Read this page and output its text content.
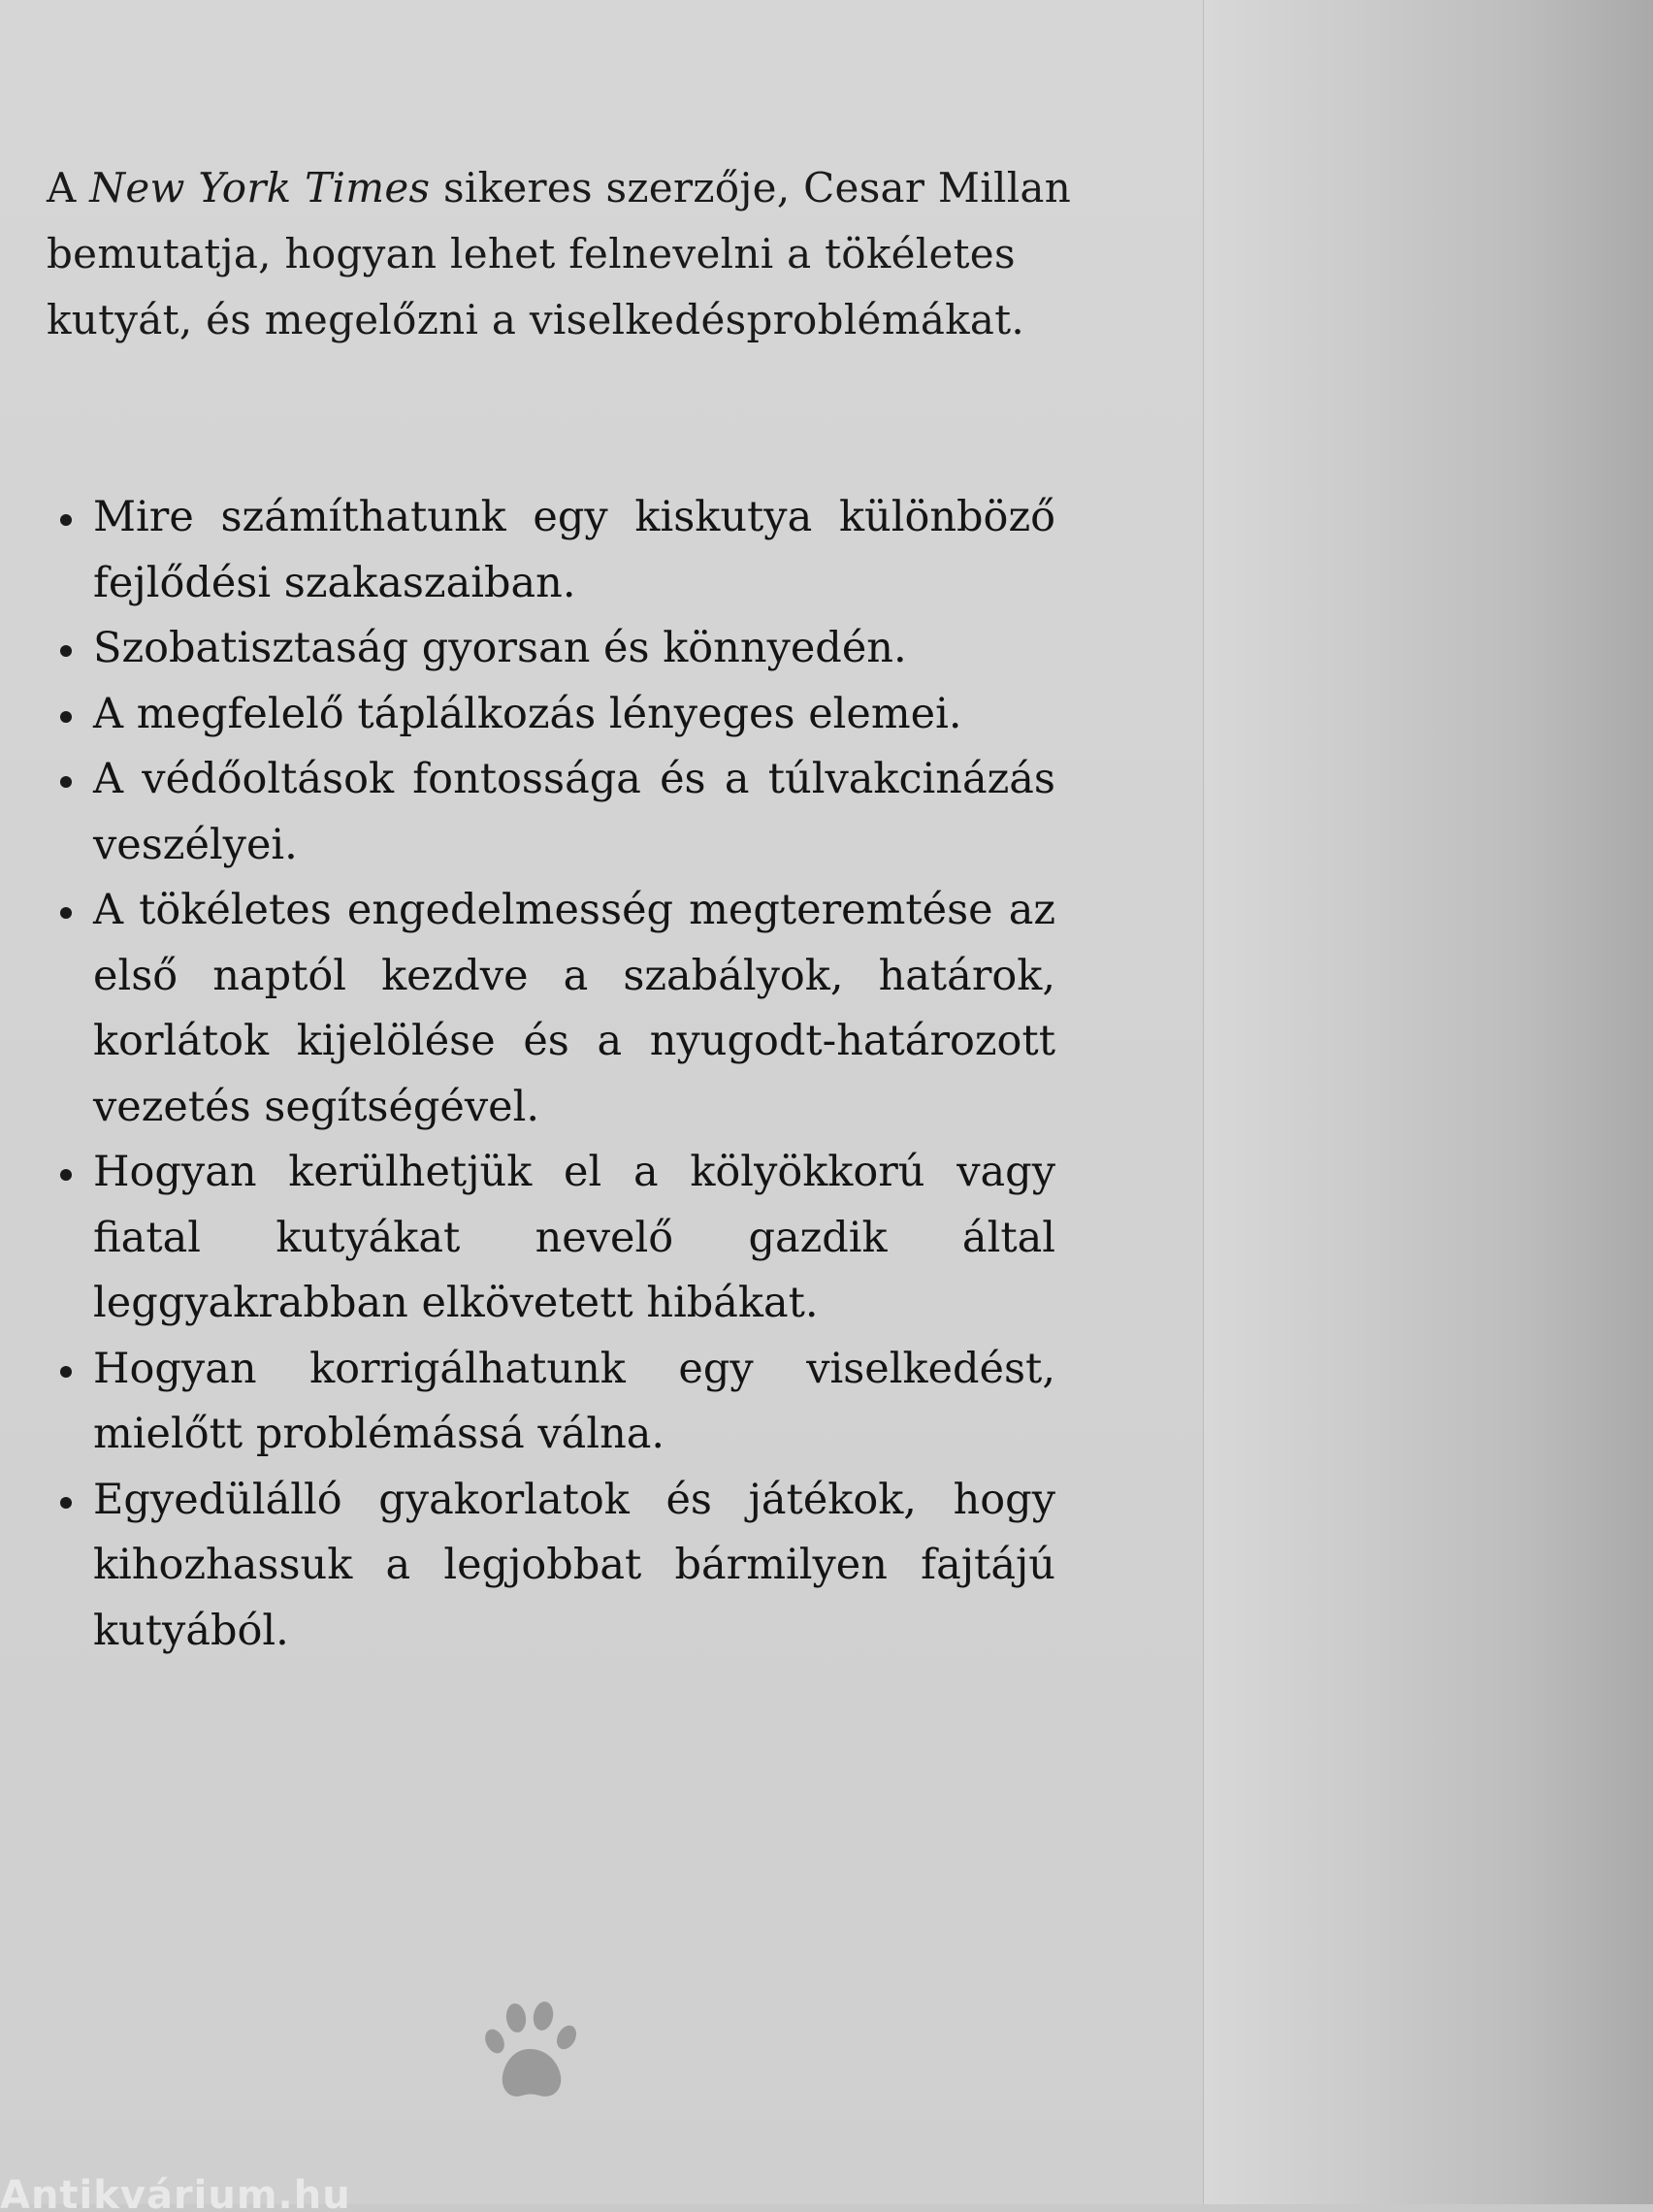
A New York Times sikeres szerzője, Cesar Millan bemutatja, hogyan lehet felnevelni a tökéletes kutyát, és megelőzni a viselkedésproblémákat.

Mire számíthatunk egy kiskutya különböző fejlődési szakaszaiban.
Szobatisztaság gyorsan és könnyedén.
A megfelelő táplálkozás lényeges elemei.
A védőoltások fontossága és a túlvakcinázás veszélyei.
A tökéletes engedelmesség megteremtése az első naptól kezdve a szabályok, határok, korlátok kijelölése és a nyugodt-határozott vezetés segítségével.
Hogyan kerülhetjük el a kölyökkorú vagy fiatal kutyákat nevelő gazdik által leggyakrabban elkövetett hibákat.
Hogyan korrigálhatunk egy viselkedést, mielőtt problémássá válna.
Egyedülálló gyakorlatok és játékok, hogy kihozhassuk a legjobbat bármilyen fajtájú kutyából.
Antikvárium.hu
